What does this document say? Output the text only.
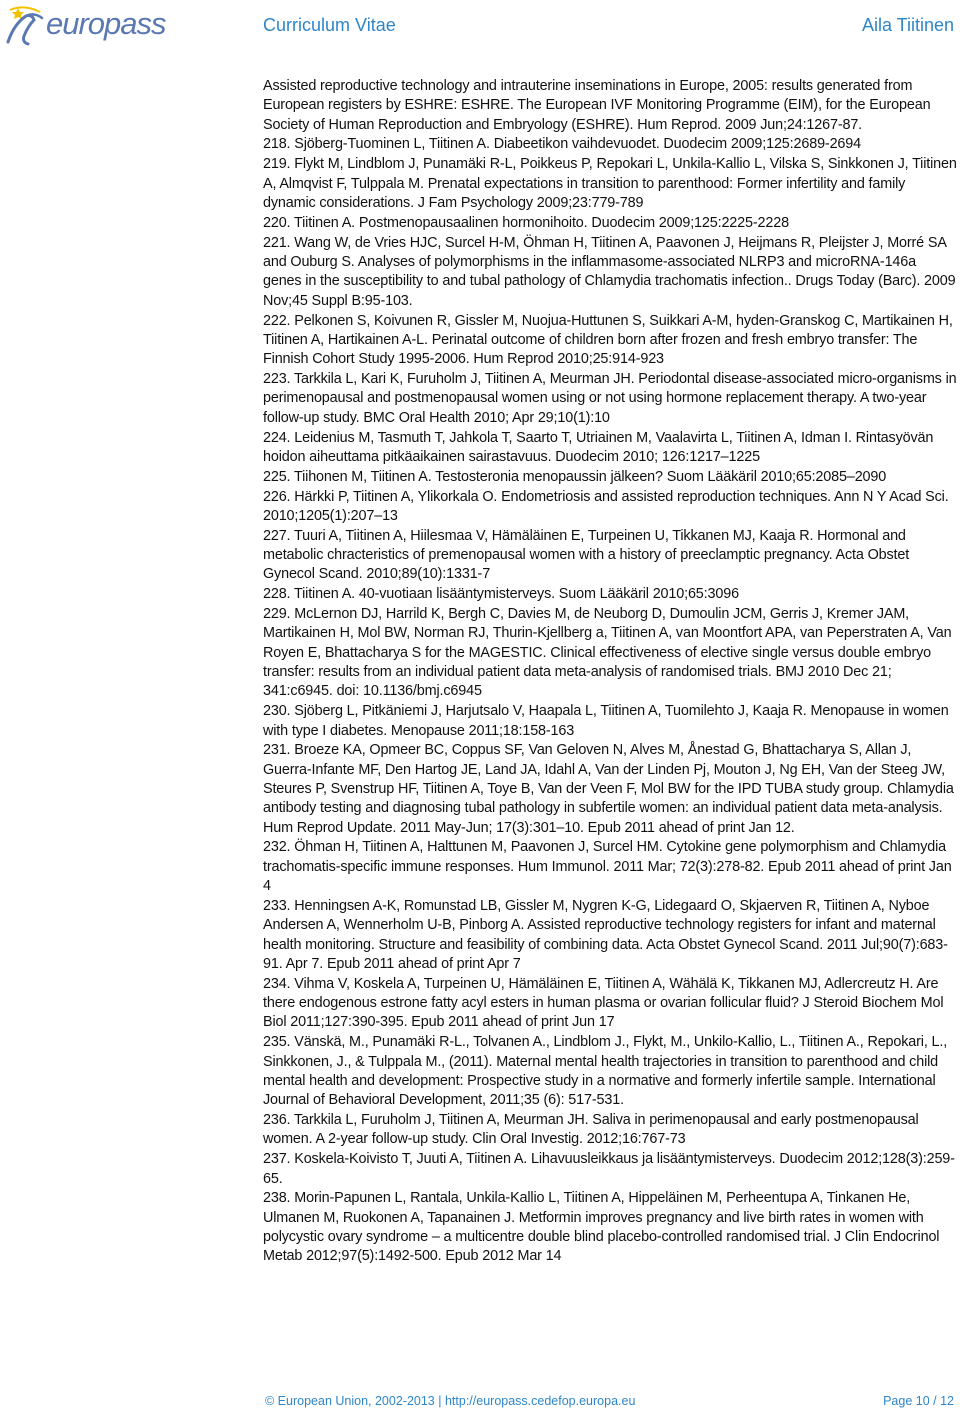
europass	Curriculum Vitae	Aila Tiitinen

Assisted reproductive technology and intrauterine inseminations in Europe, 2005: results generated from European registers by ESHRE: ESHRE. The European IVF Monitoring Programme (EIM), for the European Society of Human Reproduction and Embryology (ESHRE). Hum Reprod. 2009 Jun;24:1267-87.

218. Sjöberg-Tuominen L, Tiitinen A. Diabeetikon vaihdevuodet. Duodecim 2009;125:2689-2694

219. Flykt M, Lindblom J, Punamäki R-L, Poikkeus P, Repokari L, Unkila-Kallio L, Vilska S, Sinkkonen J, Tiitinen A, Almqvist F, Tulppala M. Prenatal expectations in transition to parenthood: Former infertility and family dynamic considerations. J Fam Psychology 2009;23:779-789

220. Tiitinen A. Postmenopausaalinen hormonihoito. Duodecim 2009;125:2225-2228

221. Wang W, de Vries HJC, Surcel H-M, Öhman H, Tiitinen A, Paavonen J, Heijmans R, Pleijster J, Morré SA and Ouburg S. Analyses of polymorphisms in the inflammasome-associated NLRP3 and microRNA-146a genes in the susceptibility to and tubal pathology of Chlamydia trachomatis infection.. Drugs Today (Barc). 2009 Nov;45 Suppl B:95-103.

222. Pelkonen S, Koivunen R, Gissler M, Nuojua-Huttunen S, Suikkari A-M, hyden-Granskog C, Martikainen H, Tiitinen A, Hartikainen A-L. Perinatal outcome of children born after frozen and fresh embryo transfer: The Finnish Cohort Study 1995-2006. Hum Reprod 2010;25:914-923

223. Tarkkila L, Kari K, Furuholm J, Tiitinen A, Meurman JH. Periodontal disease-associated micro-organisms in perimenopausal and postmenopausal women using or not using hormone replacement therapy. A two-year follow-up study. BMC Oral Health 2010; Apr 29;10(1):10

224. Leidenius M, Tasmuth T, Jahkola T, Saarto T, Utriainen M, Vaalavirta L, Tiitinen A, Idman I. Rintasyövän hoidon aiheuttama pitkäaikainen sairastavuus. Duodecim 2010; 126:1217–1225

225. Tiihonen M, Tiitinen A. Testosteronia menopaussin jälkeen? Suom Lääkäril 2010;65:2085–2090

226. Härkki P, Tiitinen A, Ylikorkala O. Endometriosis and assisted reproduction techniques. Ann N Y Acad Sci. 2010;1205(1):207–13

227. Tuuri A, Tiitinen A, Hiilesmaa V, Hämäläinen E, Turpeinen U, Tikkanen MJ, Kaaja R. Hormonal and metabolic chracteristics of premenopausal women with a history of preeclamptic pregnancy. Acta Obstet Gynecol Scand. 2010;89(10):1331-7

228. Tiitinen A. 40-vuotiaan lisääntymisterveys. Suom Lääkäril 2010;65:3096

229. McLernon DJ, Harrild K, Bergh C, Davies M, de Neuborg D, Dumoulin JCM, Gerris J, Kremer JAM, Martikainen H, Mol BW, Norman RJ, Thurin-Kjellberg a, Tiitinen A, van Moontfort APA, van Peperstraten A, Van Royen E, Bhattacharya S for the MAGESTIC. Clinical effectiveness of elective single versus double embryo transfer: results from an individual patient data meta-analysis of randomised trials. BMJ 2010 Dec 21; 341:c6945. doi: 10.1136/bmj.c6945

230. Sjöberg L, Pitkäniemi J, Harjutsalo V, Haapala L, Tiitinen A, Tuomilehto J, Kaaja R. Menopause in women with type I diabetes. Menopause 2011;18:158-163

231. Broeze KA, Opmeer BC, Coppus SF, Van Geloven N, Alves M, Ånestad G, Bhattacharya S, Allan J, Guerra-Infante MF, Den Hartog JE, Land JA, Idahl A, Van der Linden Pj, Mouton J, Ng EH, Van der Steeg JW, Steures P, Svenstrup HF, Tiitinen A, Toye B, Van der Veen F, Mol BW for the IPD TUBA study group. Chlamydia antibody testing and diagnosing tubal pathology in subfertile women: an individual patient data meta-analysis. Hum Reprod Update. 2011 May-Jun; 17(3):301–10. Epub 2011 ahead of print Jan 12.

232. Öhman H, Tiitinen A, Halttunen M, Paavonen J, Surcel HM. Cytokine gene polymorphism and Chlamydia trachomatis-specific immune responses. Hum Immunol. 2011 Mar; 72(3):278-82. Epub 2011 ahead of print Jan 4

233. Henningsen A-K, Romunstad LB, Gissler M, Nygren K-G, Lidegaard O, Skjaerven R, Tiitinen A, Nyboe Andersen A, Wennerholm U-B, Pinborg A. Assisted reproductive technology registers for infant and maternal health monitoring. Structure and feasibility of combining data. Acta Obstet Gynecol Scand. 2011 Jul;90(7):683-91. Apr 7. Epub 2011 ahead of print Apr 7

234. Vihma V, Koskela A, Turpeinen U, Hämäläinen E, Tiitinen A, Wähälä K, Tikkanen MJ, Adlercreutz H. Are there endogenous estrone fatty acyl esters in human plasma or ovarian follicular fluid? J Steroid Biochem Mol Biol 2011;127:390-395. Epub 2011 ahead of print Jun 17

235. Vänskä, M., Punamäki R-L., Tolvanen A., Lindblom J., Flykt, M., Unkilo-Kallio, L., Tiitinen A., Repokari, L., Sinkkonen, J., & Tulppala M., (2011). Maternal mental health trajectories in transition to parenthood and child mental health and development: Prospective study in a normative and formerly infertile sample. International Journal of Behavioral Development, 2011;35 (6): 517-531.

236. Tarkkila L, Furuholm J, Tiitinen A, Meurman JH. Saliva in perimenopausal and early postmenopausal women. A 2-year follow-up study. Clin Oral Investig. 2012;16:767-73

237. Koskela-Koivisto T, Juuti A, Tiitinen A. Lihavuusleikkaus ja lisääntymisterveys. Duodecim 2012;128(3):259-65.

238. Morin-Papunen L, Rantala, Unkila-Kallio L, Tiitinen A, Hippeläinen M, Perheentupa A, Tinkanen He, Ulmanen M, Ruokonen A, Tapanainen J. Metformin improves pregnancy and live birth rates in women with polycystic ovary syndrome – a multicentre double blind placebo-controlled randomised trial. J Clin Endocrinol Metab 2012;97(5):1492-500. Epub 2012 Mar 14

© European Union, 2002-2013 | http://europass.cedefop.europa.eu	Page 10 / 12
